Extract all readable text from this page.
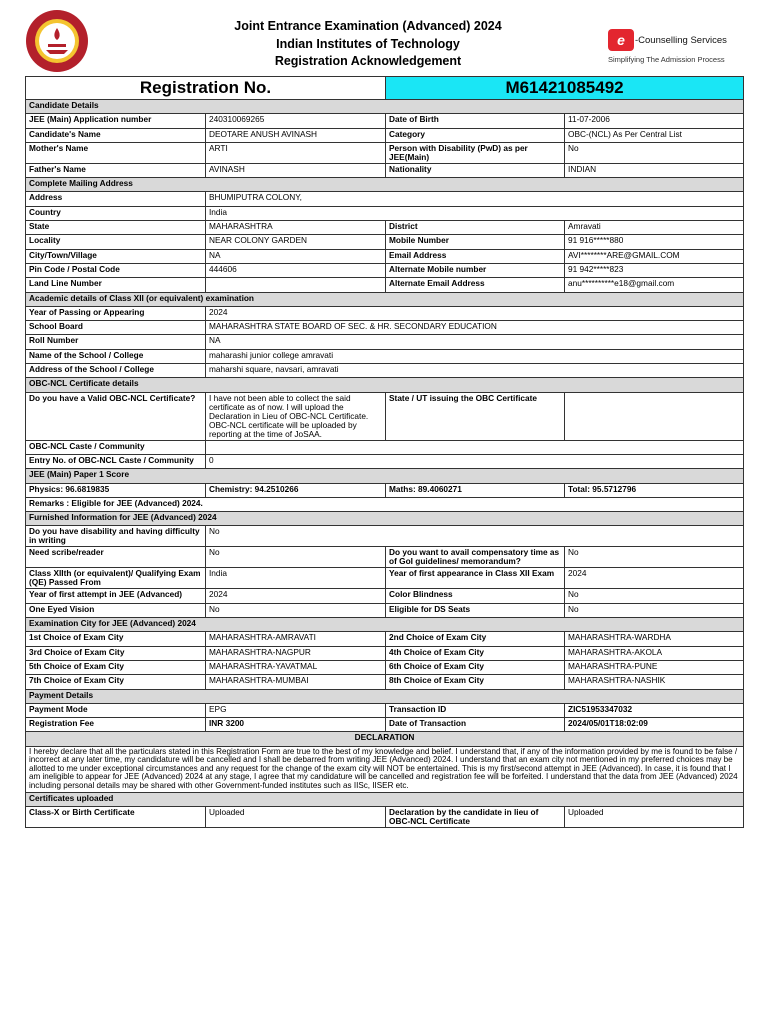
Joint Entrance Examination (Advanced) 2024
Indian Institutes of Technology
Registration Acknowledgement
e	-Counselling Services
Simplifying The Admission Process
Registration No.		M61421085492	
Candidate Details			
JEE (Main) Application number	240310069265	Date of Birth	11-07-2006
Candidate's Name	DEOTARE ANUSH AVINASH	Category	OBC-(NCL) As Per Central List
Mother's Name	ARTI	Person with Disability (PwD) as per JEE(Main)	No
Father's Name	AVINASH	Nationality	INDIAN
Complete Mailing Address			
Address	BHUMIPUTRA COLONY,		
Country	India		
State	MAHARASHTRA	District	Amravati
Locality	NEAR COLONY GARDEN	Mobile Number	91 916*****880
City/Town/Village	NA	Email Address	AVI********ARE@GMAIL.COM
Pin Code / Postal Code	444606	Alternate Mobile number	91 942*****823
Land Line Number		Alternate Email Address	anu**********e18@gmail.com
Academic details of Class XII (or equivalent) examination			
Year of Passing or Appearing	2024		
School Board	MAHARASHTRA STATE BOARD OF SEC. & HR. SECONDARY EDUCATION		
Roll Number	NA		
Name of the School / College	maharashi junior college amravati		
Address of the School / College	maharshi square, navsari, amravati		
OBC-NCL Certificate details			
Do you have a Valid OBC-NCL Certificate?	I have not been able to collect the said certificate as of now. I will upload the Declaration in Lieu of OBC-NCL Certificate. OBC-NCL certificate will be uploaded by reporting at the time of JoSAA.	State / UT issuing the OBC Certificate	
OBC-NCL Caste / Community			
Entry No. of OBC-NCL Caste / Community	0		
JEE (Main) Paper 1 Score			
Physics: 96.6819835	Chemistry: 94.2510266	Maths: 89.4060271	Total: 95.5712796
Remarks : Eligible for JEE (Advanced) 2024.			
Furnished Information for JEE (Advanced) 2024			
Do you have disability and having difficulty in writing	No		
Need scribe/reader	No	Do you want to avail compensatory time as of GoI guidelines/ memorandum?	No
Class XIIth (or equivalent)/ Qualifying Exam (QE) Passed From	India	Year of first appearance in Class XII Exam	2024
Year of first attempt in JEE (Advanced)	2024	Color Blindness	No
One Eyed Vision	No	Eligible for DS Seats	No
Examination City for JEE (Advanced) 2024			
1st Choice of Exam City	MAHARASHTRA-AMRAVATI	2nd Choice of Exam City	MAHARASHTRA-WARDHA
3rd Choice of Exam City	MAHARASHTRA-NAGPUR	4th Choice of Exam City	MAHARASHTRA-AKOLA
5th Choice of Exam City	MAHARASHTRA-YAVATMAL	6th Choice of Exam City	MAHARASHTRA-PUNE
7th Choice of Exam City	MAHARASHTRA-MUMBAI	8th Choice of Exam City	MAHARASHTRA-NASHIK
Payment Details			
Payment Mode	EPG	Transaction ID	ZIC51953347032
Registration Fee	INR 3200	Date of Transaction	2024/05/01T18:02:09
DECLARATION			
I hereby declare that all the particulars stated in this Registration Form are true to the best of my knowledge and belief. I understand that, if any of the information provided by me is found to be false / incorrect at any later time, my candidature will be cancelled and I shall be debarred from writing JEE (Advanced) 2024. I understand that an exam city not mentioned in my preferred choices may be allotted to me under exceptional circumstances and any request for the change of the exam city will NOT be entertained. This is my first/second attempt in JEE (Advanced). In case, it is found that I am ineligible to appear for JEE (Advanced) 2024 at any stage, I agree that my candidature will be cancelled and registration fee will be forfeited. I understand that the data from JEE (Advanced) 2024 including personal details may be shared with other Government-funded institutes such as IISc, IISER etc.			
Certificates uploaded			
Class-X or Birth Certificate	Uploaded	Declaration by the candidate in lieu of OBC-NCL Certificate	Uploaded
